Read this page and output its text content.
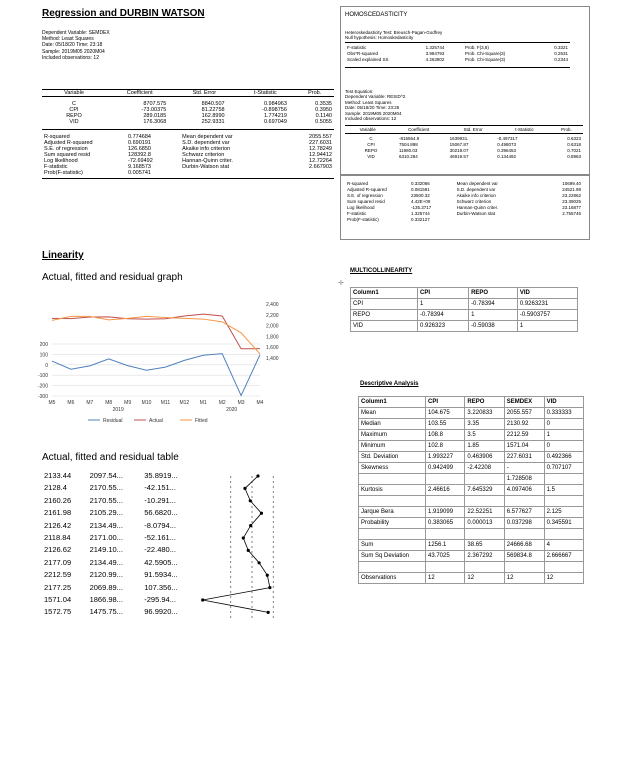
Regression and DURBIN WATSON
Dependent Variable: SEMDEX
Method: Least Squares
Date: 05/18/20 Time: 23:18
Sample: 2019M05 2020M04
Included observations: 12
Variable	Coefficient	Std. Error	t-Statistic	Prob.
C	8707.575	8840.507	0.984963	0.3535
CPI	-73.00375	81.22758	-0.898756	0.3950
REPO	289.0185	162.8990	1.774219	0.1140
VID	176.3068	252.9331	0.697049	0.5055
R-squared	0.774684	Mean dependent var	2055.557
Adjusted R-squared	0.690191	S.D. dependent var	227.6031
S.E. of regression	126.6850	Akaike info criterion	12.78249
Sum squared resid	128392.8	Schwarz criterion	12.94412
Log likelihood	-72.69492	Hannan-Quinn criter.	12.72264
F-statistic	9.168573	Durbin-Watson stat	2.667903
Prob(F-statistic)	0.005741		
HOMOSCEDASTICITY
Heteroskedasticity Test: Breusch-Pagan-Godfrey
Null hypothesis: Homoskedasticity
F-statistic	1.325744	Prob. F(3,8)	0.3321
Obs*R-squared	3.984793	Prob. Chi-Square(3)	0.2631
Scaled explained SS	4.263802	Prob. Chi-Square(3)	0.2344
Test Equation:
Dependent Variable: RESID^2
Method: Least Squares
Date: 05/18/20 Time: 23:25
Sample: 2019M05 2020M04
Included observations: 12
Variable	Coefficient	Std. Error	t-Statistic	Prob.
C	-815564.9	1639931.	-0.497317	0.6323
CPI	7504.898	15067.87	0.498073	0.6318
REPO	11980.03	30218.07	0.396453	0.7021
VID	6310.284	46919.57	0.134492	0.8963
R-squared	0.332066	Mean dependent var	10699.40
Adjusted R-squared	0.081591	S.D. dependent var	24521.98
S.E. of regression	23500.32	Akaike info criterion	23.22862
Sum squared resid	4.42E+09	Schwarz criterion	23.39025
Log likelihood	-135.3717	Hannan-Quinn criter.	23.16877
F-statistic	1.325744	Durbin-Watson stat	2.755746
Prob(F-statistic)	0.332127		
Linearity
Actual, fitted and residual graph
200
100
0
-100
-200
-300
2,400
2,200
2,000
1,800
1,600
1,400
M5 M6 M7 M8 M9 M10 M11 M12 M1 M2 M3 M4
2019	2020
Residual	Actual	Fitted
Actual, fitted and residual table
2133.44	2097.54...	35.8919...
2128.4	2170.55...	-42.151...
2160.26	2170.55...	-10.291...
2161.98	2105.29...	56.6820...
2126.42	2134.49...	-8.0794...
2118.84	2171.00...	-52.161...
2126.62	2149.10...	-22.480...
2177.09	2134.49...	42.5905...
2212.59	2120.99...	91.5934...
2177.25	2069.89...	107.356...
1571.04	1866.98...	-295.94...
1572.75	1475.75...	96.9920...
MULTICOLLINEARITY
✛
Column1	CPI	REPO	VID
CPI	1	-0.78394	0.9263231
REPO	-0.78394	1	-0.5903757
VID	0.926323	-0.59038	1
Descriptive Analysis
Column1	CPI	REPO	SEMDEX	VID
Mean	104.675	3.220833	2055.557	0.333333
Median	103.55	3.35	2130.92	0
Maximum	108.8	3.5	2212.59	1
Minimum	102.8	1.85	1571.04	0
Std. Deviation	1.993227	0.463906	227.6031	0.492366
Skewness	0.942499	-2.42208	-	0.707107
			1.728508	
Kurtosis	2.46616	7.645329	4.097406	1.5

Jarque Bera	1.919099	22.52251	6.577627	2.125
Probability	0.383065	0.000013	0.037298	0.345591

Sum	1256.1	38.65	24666.68	4
Sum Sq Deviation	43.7025	2.367292	569834.8	2.666667

Observations	12	12	12	12
